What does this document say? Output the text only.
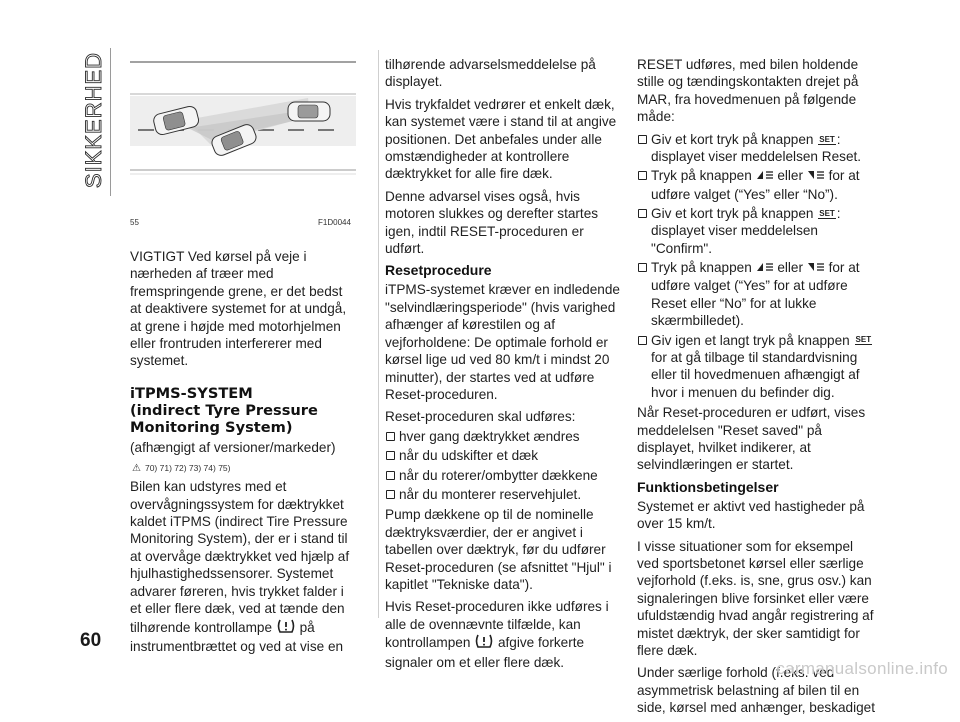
SIKKERHED
55	F1D0044

VIGTIGT Ved kørsel på veje i nærheden af træer med fremspringende grene, er det bedst at deaktivere systemet for at undgå, at grene i højde med motorhjelmen eller frontruden interfererer med systemet.

iTPMS-SYSTEM
(indirect Tyre Pressure
Monitoring System)

(afhængigt af versioner/markeder)

⚠ 70) 71) 72) 73) 74) 75)

Bilen kan udstyres med et overvågningssystem for dæktrykket kaldet iTPMS (indirect Tire Pressure Monitoring System), der er i stand til at overvåge dæktrykket ved hjælp af hjulhastighedssensorer. Systemet advarer føreren, hvis trykket falder i et eller flere dæk, ved at tænde den tilhørende kontrollampe på instrumentbrættet og ved at vise en

tilhørende advarselsmeddelelse på displayet.

Hvis trykfaldet vedrører et enkelt dæk, kan systemet være i stand til at angive positionen. Det anbefales under alle omstændigheder at kontrollere dæktrykket for alle fire dæk.

Denne advarsel vises også, hvis motoren slukkes og derefter startes igen, indtil RESET-proceduren er udført.

Resetprocedure

iTPMS-systemet kræver en indledende "selvindlæringsperiode" (hvis varighed afhænger af kørestilen og af vejforholdene: De optimale forhold er kørsel lige ud ved 80 km/t i mindst 20 minutter), der startes ved at udføre Reset-proceduren.

Reset-proceduren skal udføres:

hver gang dæktrykket ændres
når du udskifter et dæk
når du roterer/ombytter dækkene
når du monterer reservehjulet.

Pump dækkene op til de nominelle dæktryksværdier, der er angivet i tabellen over dæktryk, før du udfører Reset-proceduren (se afsnittet "Hjul" i kapitlet "Tekniske data").

Hvis Reset-proceduren ikke udføres i alle de ovennævnte tilfælde, kan kontrollampen afgive forkerte signaler om et eller flere dæk.

RESET udføres, med bilen holdende stille og tændingskontakten drejet på MAR, fra hovedmenuen på følgende måde:

Giv et kort tryk på knappen SET : displayet viser meddelelsen Reset.
Tryk på knappen eller for at udføre valget (“Yes” eller “No”).
Giv et kort tryk på knappen SET : displayet viser meddelelsen "Confirm".
Tryk på knappen eller for at udføre valget (“Yes” for at udføre Reset eller “No” for at lukke skærmbilledet).
Giv igen et langt tryk på knappen SET for at gå tilbage til standardvisning eller til hovedmenuen afhængigt af hvor i menuen du befinder dig.

Når Reset-proceduren er udført, vises meddelelsen "Reset saved" på displayet, hvilket indikerer, at selvindlæringen er startet.

Funktionsbetingelser

Systemet er aktivt ved hastigheder på over 15 km/t.

I visse situationer som for eksempel ved sportsbetonet kørsel eller særlige vejforhold (f.eks. is, sne, grus osv.) kan signaleringen blive forsinket eller være ufuldstændig hvad angår registrering af mistet dæktryk, der sker samtidigt for flere dæk.

Under særlige forhold (f.eks. ved asymmetrisk belastning af bilen til en side, kørsel med anhænger, beskadiget

60
carmanualsonline.info
